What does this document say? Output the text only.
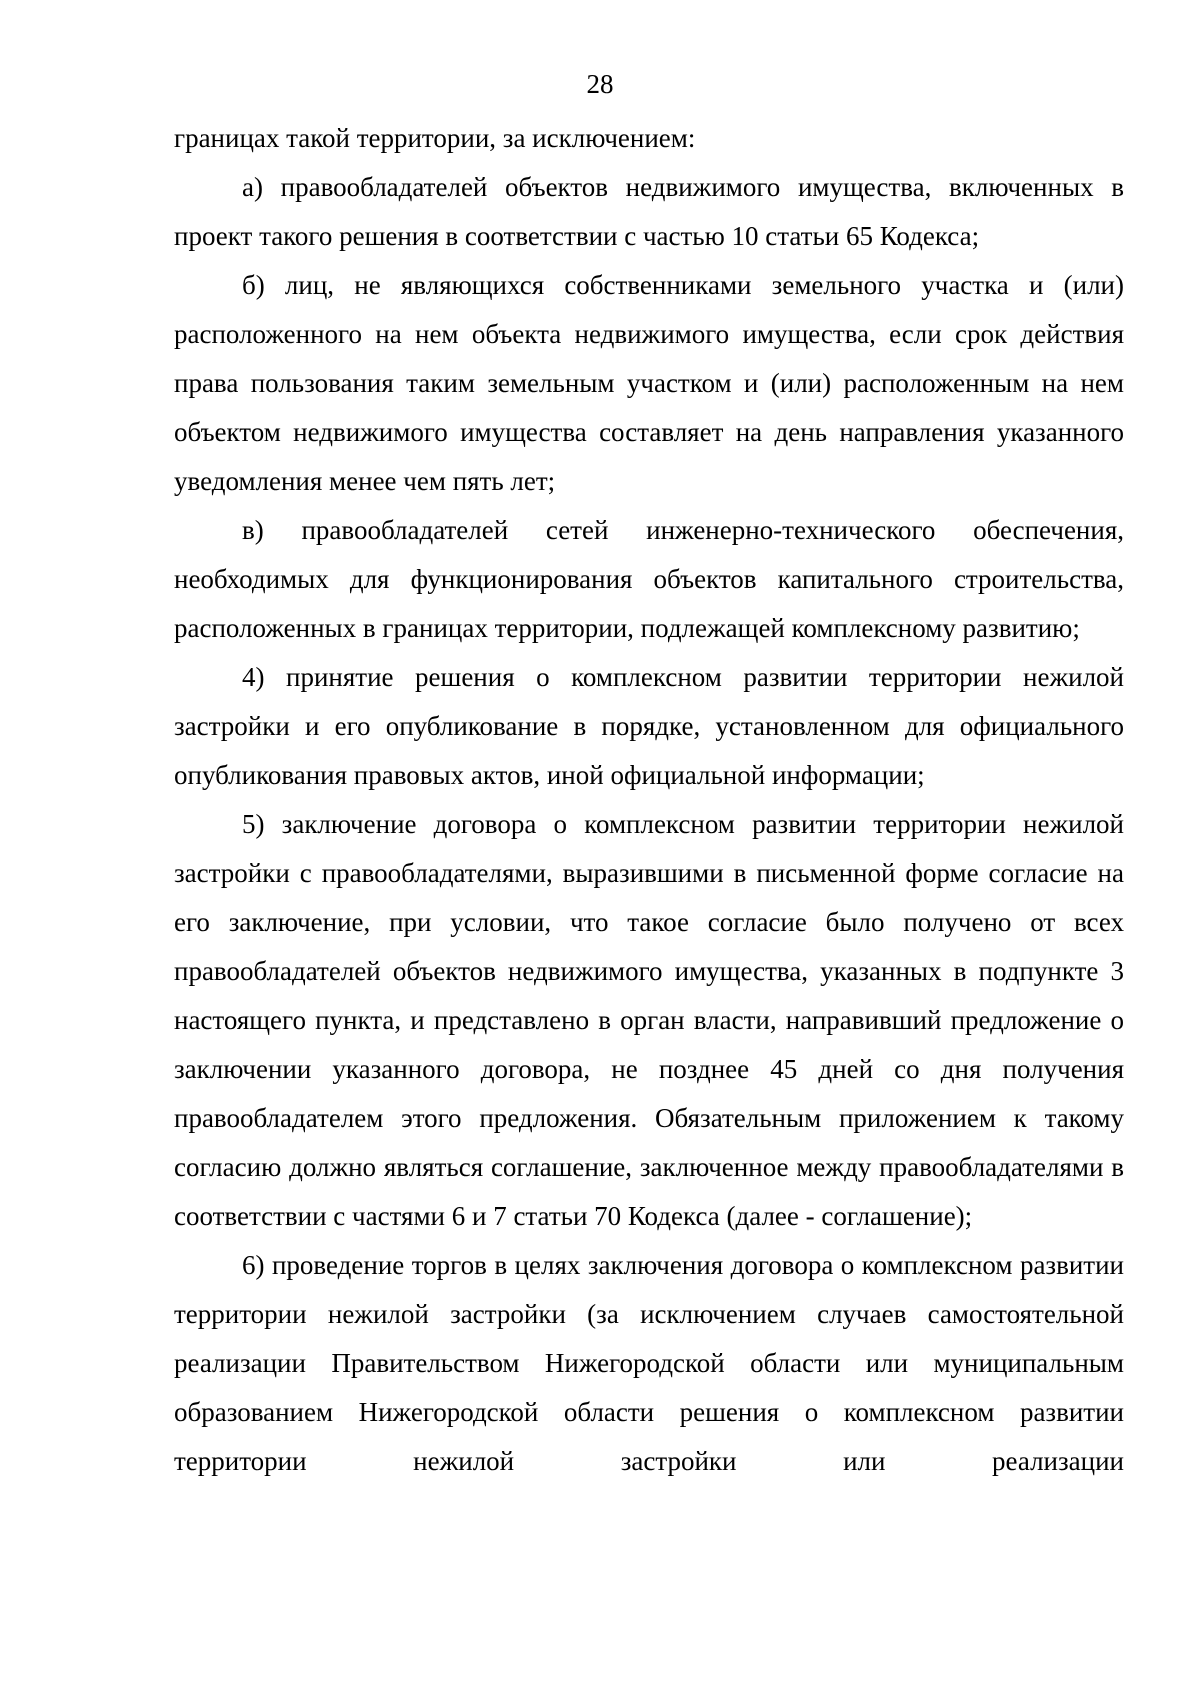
28

границах такой территории, за исключением:

а) правообладателей объектов недвижимого имущества, включенных в проект такого решения в соответствии с частью 10 статьи 65 Кодекса;

б) лиц, не являющихся собственниками земельного участка и (или) расположенного на нем объекта недвижимого имущества, если срок действия права пользования таким земельным участком и (или) расположенным на нем объектом недвижимого имущества составляет на день направления указанного уведомления менее чем пять лет;

в) правообладателей сетей инженерно-технического обеспечения, необходимых для функционирования объектов капитального строительства, расположенных в границах территории, подлежащей комплексному развитию;

4) принятие решения о комплексном развитии территории нежилой застройки и его опубликование в порядке, установленном для официального опубликования правовых актов, иной официальной информации;

5) заключение договора о комплексном развитии территории нежилой застройки с правообладателями, выразившими в письменной форме согласие на его заключение, при условии, что такое согласие было получено от всех правообладателей объектов недвижимого имущества, указанных в подпункте 3 настоящего пункта, и представлено в орган власти, направивший предложение о заключении указанного договора, не позднее 45 дней со дня получения правообладателем этого предложения. Обязательным приложением к такому согласию должно являться соглашение, заключенное между правообладателями в соответствии с частями 6 и 7 статьи 70 Кодекса (далее - соглашение);

6) проведение торгов в целях заключения договора о комплексном развитии территории нежилой застройки (за исключением случаев самостоятельной реализации Правительством Нижегородской области или муниципальным образованием Нижегородской области решения о комплексном развитии территории нежилой застройки или реализации
